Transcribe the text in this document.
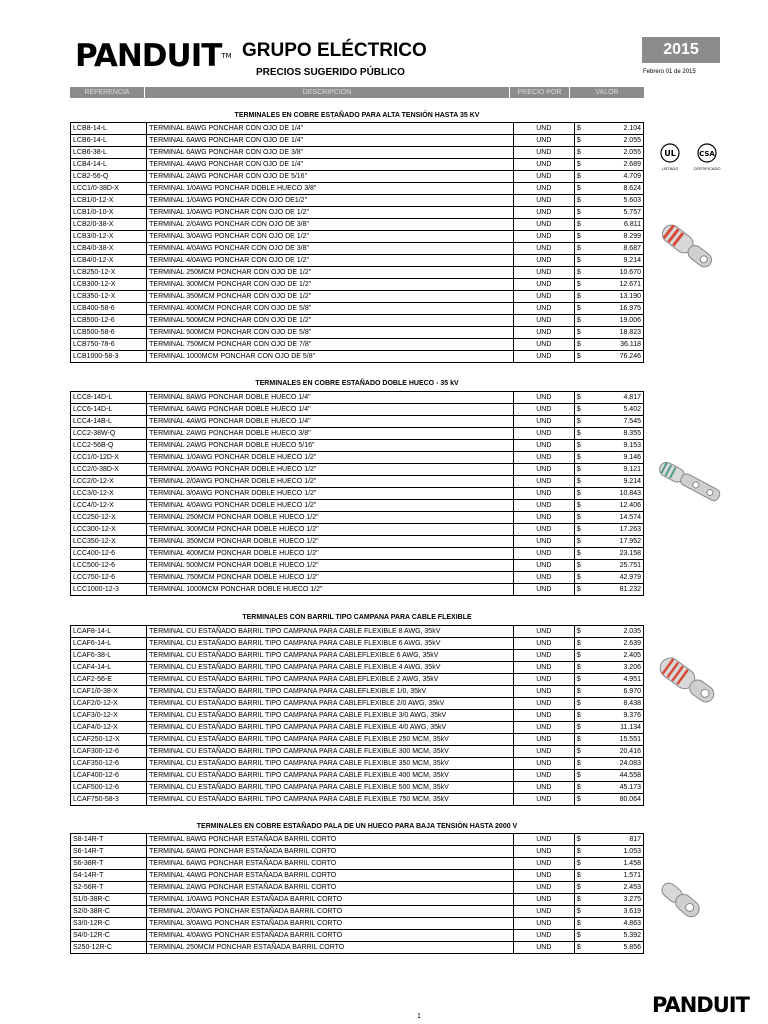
PANDUIT™ GRUPO ELÉCTRICO
PRECIOS SUGERIDO PÚBLICO
2015
Febrero 01 de 2015
REFERENCIA	DESCRIPCIÓN	PRECIO POR	VALOR
TERMINALES EN COBRE ESTAÑADO PARA ALTA TENSIÓN HASTA 35 KV
LCB8-14-L	TERMINAL 8AWG PONCHAR CON OJO DE 1/4"	UND	$	2.104
LCB6-14-L	TERMINAL 6AWG PONCHAR CON OJO DE 1/4"	UND	$	2.055
LCB6-38-L	TERMINAL 6AWG PONCHAR CON OJO DE 3/8"	UND	$	2.055
LCB4-14-L	TERMINAL 4AWG PONCHAR CON OJO DE 1/4"	UND	$	2.689
LCB2-56-Q	TERMINAL 2AWG PONCHAR CON OJO DE 5/16"	UND	$	4.709
LCC1/0-38D-X	TERMINAL 1/0AWG PONCHAR DOBLE HUECO 3/8"	UND	$	8.624
LCB1/0-12-X	TERMINAL 1/0AWG PONCHAR CON OJO DE1/2"	UND	$	5.603
LCB1/0-10-X	TERMINAL 1/0AWG PONCHAR CON OJO DE 1/2"	UND	$	5.757
LCB2/0-38-X	TERMINAL 2/0AWG PONCHAR CON OJO DE 3/8"	UND	$	6.811
LCB3/0-12-X	TERMINAL 3/0AWG PONCHAR CON OJO DE 1/2"	UND	$	8.299
LCB4/0-38-X	TERMINAL 4/0AWG PONCHAR CON OJO DE 3/8"	UND	$	8.687
LCB4/0-12-X	TERMINAL 4/0AWG PONCHAR CON OJO DE 1/2"	UND	$	9.214
LCB250-12-X	TERMINAL 250MCM PONCHAR CON OJO DE 1/2"	UND	$	10.670
LCB300-12-X	TERMINAL 300MCM PONCHAR CON OJO DE 1/2"	UND	$	12.671
LCB350-12-X	TERMINAL 350MCM PONCHAR CON OJO DE 1/2"	UND	$	13.190
LCB400-58-6	TERMINAL 400MCM PONCHAR CON OJO DE 5/8"	UND	$	16.975
LCB500-12-6	TERMINAL 500MCM PONCHAR CON OJO DE 1/2"	UND	$	19.006
LCB500-58-6	TERMINAL 500MCM PONCHAR CON OJO DE 5/8"	UND	$	18.823
LCB750-78-6	TERMINAL 750MCM PONCHAR CON OJO DE 7/8"	UND	$	36.118
LCB1000-58-3	TERMINAL 1000MCM PONCHAR CON OJO DE 5/8"	UND	$	76.246
TERMINALES EN COBRE ESTAÑADO DOBLE HUECO - 35 kV
LCC8-14D-L	TERMINAL 8AWG PONCHAR DOBLE HUECO 1/4"	UND	$	4.817
LCC6-14D-L	TERMINAL 6AWG PONCHAR DOBLE HUECO 1/4"	UND	$	5.402
LCC4-14B-L	TERMINAL 4AWG PONCHAR DOBLE HUECO 1/4"	UND	$	7.545
LCC2-38W-Q	TERMINAL 2AWG PONCHAR DOBLE HUECO 3/8"	UND	$	8.355
LCC2-56B-Q	TERMINAL 2AWG PONCHAR DOBLE HUECO 5/16"	UND	$	9.153
LCC1/0-12D-X	TERMINAL 1/0AWG PONCHAR DOBLE HUECO 1/2"	UND	$	9.146
LCC2/0-38D-X	TERMINAL 2/0AWG PONCHAR DOBLE HUECO 1/2"	UND	$	9.121
LCC2/0-12-X	TERMINAL 2/0AWG PONCHAR DOBLE HUECO 1/2"	UND	$	9.214
LCC3/0-12-X	TERMINAL 3/0AWG PONCHAR DOBLE HUECO 1/2"	UND	$	10.843
LCC4/0-12-X	TERMINAL 4/0AWG PONCHAR DOBLE HUECO 1/2"	UND	$	12.406
LCC250-12-X	TERMINAL 250MCM PONCHAR DOBLE HUECO 1/2"	UND	$	14.574
LCC300-12-X	TERMINAL 300MCM PONCHAR DOBLE HUECO 1/2"	UND	$	17.263
LCC350-12-X	TERMINAL 350MCM PONCHAR DOBLE HUECO 1/2"	UND	$	17.952
LCC400-12-6	TERMINAL 400MCM PONCHAR DOBLE HUECO 1/2"	UND	$	23.158
LCC500-12-6	TERMINAL 500MCM PONCHAR DOBLE HUECO 1/2"	UND	$	25.751
LCC750-12-6	TERMINAL 750MCM PONCHAR DOBLE HUECO 1/2"	UND	$	42.979
LCC1000-12-3	TERMINAL 1000MCM PONCHAR DOBLE HUECO 1/2"	UND	$	81.232
TERMINALES CON BARRIL TIPO CAMPANA PARA CABLE FLEXIBLE
LCAF8-14-L	TERMINAL CU ESTAÑADO BARRIL TIPO CAMPANA PARA CABLE FLEXIBLE 8 AWG, 35kV	UND	$	2.035
LCAF6-14-L	TERMINAL CU ESTAÑADO BARRIL TIPO CAMPANA PARA CABLE FLEXIBLE 6 AWG, 35kV	UND	$	2.639
LCAF6-38-L	TERMINAL CU ESTAÑADO BARRIL TIPO CAMPANA PARA CABLEFLEXIBLE 6 AWG, 35kV	UND	$	2.405
LCAF4-14-L	TERMINAL CU ESTAÑADO BARRIL TIPO CAMPANA PARA CABLE FLEXIBLE 4 AWG, 35kV	UND	$	3.206
LCAF2-56-E	TERMINAL CU ESTAÑADO BARRIL TIPO CAMPANA PARA CABLEFLEXIBLE 2 AWG, 35kV	UND	$	4.951
LCAF1/0-38-X	TERMINAL CU ESTAÑADO BARRIL TIPO CAMPANA PARA CABLEFLEXIBLE 1/0, 35kV	UND	$	6.970
LCAF2/0-12-X	TERMINAL CU ESTAÑADO BARRIL TIPO CAMPANA PARA CABLEFLEXIBLE 2/0 AWG, 35kV	UND	$	8.438
LCAF3/0-12-X	TERMINAL CU ESTAÑADO BARRIL TIPO CAMPANA PARA CABLE FLEXIBLE 3/0 AWG, 35kV	UND	$	9.376
LCAF4/0-12-X	TERMINAL CU ESTAÑADO BARRIL TIPO CAMPANA PARA CABLE FLEXIBLE 4/0 AWG, 35kV	UND	$	11.134
LCAF250-12-X	TERMINAL CU ESTAÑADO BARRIL TIPO CAMPANA PARA CABLE FLEXIBLE 250 MCM, 35kV	UND	$	15.551
LCAF300-12-6	TERMINAL CU ESTAÑADO BARRIL TIPO CAMPANA PARA CABLE FLEXIBLE 300 MCM, 35kV	UND	$	20.416
LCAF350-12-6	TERMINAL CU ESTAÑADO BARRIL TIPO CAMPANA PARA CABLE FLEXIBLE 350 MCM, 35kV	UND	$	24.083
LCAF400-12-6	TERMINAL CU ESTAÑADO BARRIL TIPO CAMPANA PARA CABLE FLEXIBLE 400 MCM, 35kV	UND	$	44.558
LCAF500-12-6	TERMINAL CU ESTAÑADO BARRIL TIPO CAMPANA PARA CABLE FLEXIBLE 500 MCM, 35kV	UND	$	45.173
LCAF750-58-3	TERMINAL CU ESTAÑADO BARRIL TIPO CAMPANA PARA CABLE FLEXIBLE 750 MCM, 35kV	UND	$	80.064
TERMINALES EN COBRE ESTAÑADO PALA DE UN HUECO PARA BAJA TENSIÓN HASTA 2000 V
S8-14R-T	TERMINAL 8AWG PONCHAR ESTAÑADA BARRIL CORTO	UND	$	817
S6-14R-T	TERMINAL 6AWG PONCHAR ESTAÑADA BARRIL CORTO	UND	$	1.053
S6-38R-T	TERMINAL 6AWG PONCHAR ESTAÑADA BARRIL CORTO	UND	$	1.458
S4-14R-T	TERMINAL 4AWG PONCHAR ESTAÑADA BARRIL CORTO	UND	$	1.571
S2-56R-T	TERMINAL 2AWG PONCHAR ESTAÑADA BARRIL CORTO	UND	$	2.453
S1/0-38R-C	TERMINAL 1/0AWG PONCHAR ESTAÑADA BARRIL CORTO	UND	$	3.275
S2/0-38R-C	TERMINAL 2/0AWG PONCHAR ESTAÑADA BARRIL CORTO	UND	$	3.619
S3/0-12R-C	TERMINAL 3/0AWG PONCHAR ESTAÑADA BARRIL CORTO	UND	$	4.863
S4/0-12R-C	TERMINAL 4/0AWG PONCHAR ESTAÑADA BARRIL CORTO	UND	$	5.392
S250-12R-C	TERMINAL 250MCM PONCHAR ESTAÑADA BARRIL CORTO	UND	$	5.856
UL
LISTADO
CSA
CERTIFICADO
1	PANDUIT
